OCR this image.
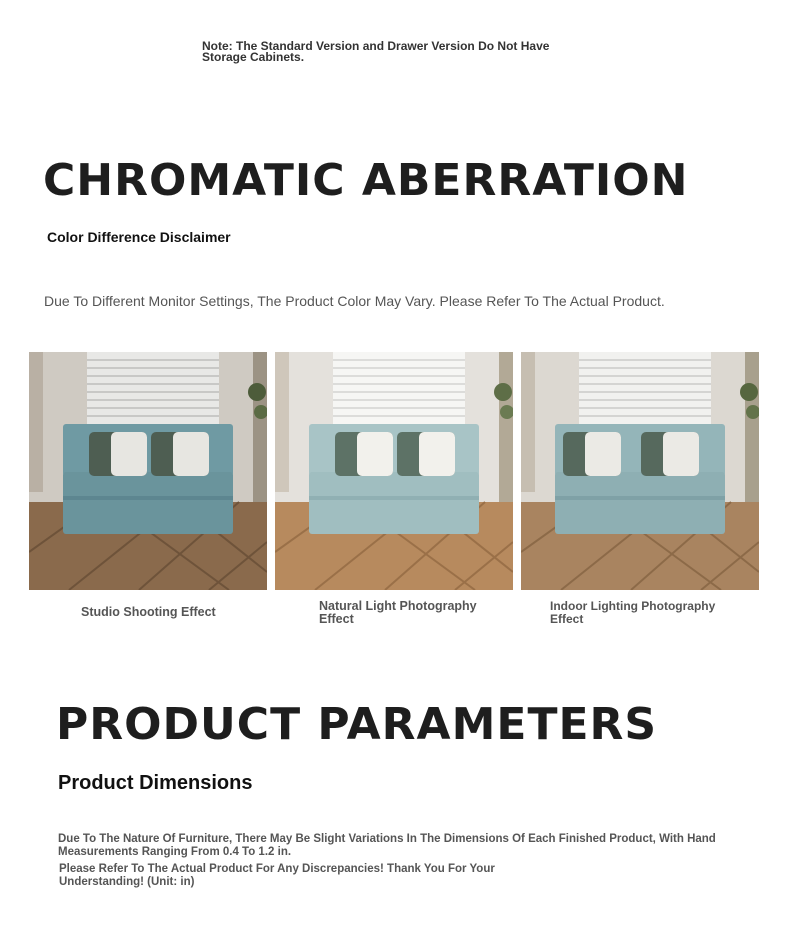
Note: The Standard Version and Drawer Version Do Not Have Storage Cabinets.
CHROMATIC ABERRATION
Color Difference Disclaimer
Due To Different Monitor Settings, The Product Color May Vary. Please Refer To The Actual Product.
Studio Shooting Effect	Natural Light Photography Effect
Indoor Lighting Photography Effect
PRODUCT PARAMETERS
Product Dimensions
Due To The Nature Of Furniture, There May Be Slight Variations In The Dimensions Of Each Finished Product, With Hand Measurements Ranging From 0.4 To 1.2 in.
Please Refer To The Actual Product For Any Discrepancies! Thank You For Your Understanding! (Unit: in)
